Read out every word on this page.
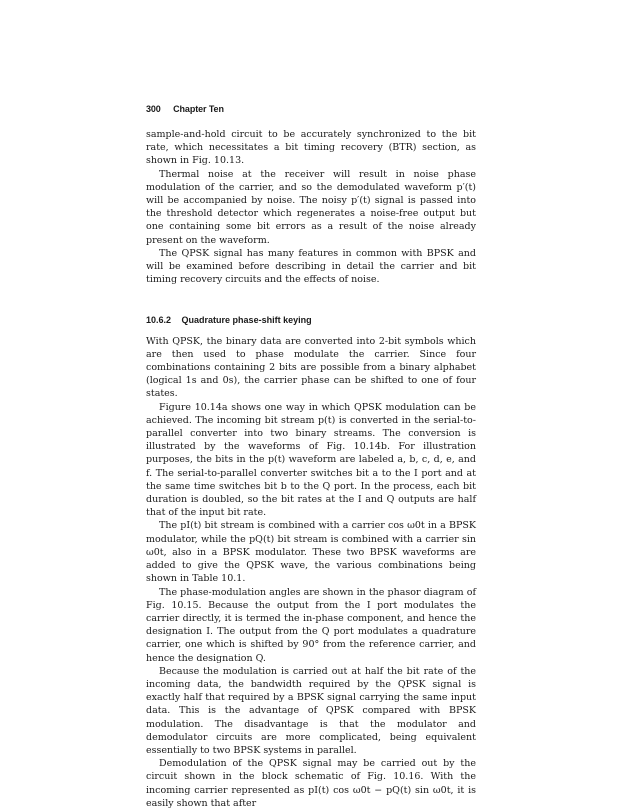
300 Chapter Ten

sample-and-hold circuit to be accurately synchronized to the bit rate, which necessitates a bit timing recovery (BTR) section, as shown in Fig. 10.13.

Thermal noise at the receiver will result in noise phase modulation of the carrier, and so the demodulated waveform p′(t) will be accompanied by noise. The noisy p′(t) signal is passed into the threshold detector which regenerates a noise-free output but one containing some bit errors as a result of the noise already present on the waveform.

The QPSK signal has many features in common with BPSK and will be examined before describing in detail the carrier and bit timing recovery circuits and the effects of noise.

10.6.2 Quadrature phase-shift keying

With QPSK, the binary data are converted into 2-bit symbols which are then used to phase modulate the carrier. Since four combinations containing 2 bits are possible from a binary alphabet (logical 1s and 0s), the carrier phase can be shifted to one of four states.

Figure 10.14a shows one way in which QPSK modulation can be achieved. The incoming bit stream p(t) is converted in the serial-to-parallel converter into two binary streams. The conversion is illustrated by the waveforms of Fig. 10.14b. For illustration purposes, the bits in the p(t) waveform are labeled a, b, c, d, e, and f. The serial-to-parallel converter switches bit a to the I port and at the same time switches bit b to the Q port. In the process, each bit duration is doubled, so the bit rates at the I and Q outputs are half that of the input bit rate.

The pI(t) bit stream is combined with a carrier cos ω0t in a BPSK modulator, while the pQ(t) bit stream is combined with a carrier sin ω0t, also in a BPSK modulator. These two BPSK waveforms are added to give the QPSK wave, the various combinations being shown in Table 10.1.

The phase-modulation angles are shown in the phasor diagram of Fig. 10.15. Because the output from the I port modulates the carrier directly, it is termed the in-phase component, and hence the designation I. The output from the Q port modulates a quadrature carrier, one which is shifted by 90° from the reference carrier, and hence the designation Q.

Because the modulation is carried out at half the bit rate of the incoming data, the bandwidth required by the QPSK signal is exactly half that required by a BPSK signal carrying the same input data. This is the advantage of QPSK compared with BPSK modulation. The disadvantage is that the modulator and demodulator circuits are more complicated, being equivalent essentially to two BPSK systems in parallel.

Demodulation of the QPSK signal may be carried out by the circuit shown in the block schematic of Fig. 10.16. With the incoming carrier represented as pI(t) cos ω0t − pQ(t) sin ω0t, it is easily shown that after
